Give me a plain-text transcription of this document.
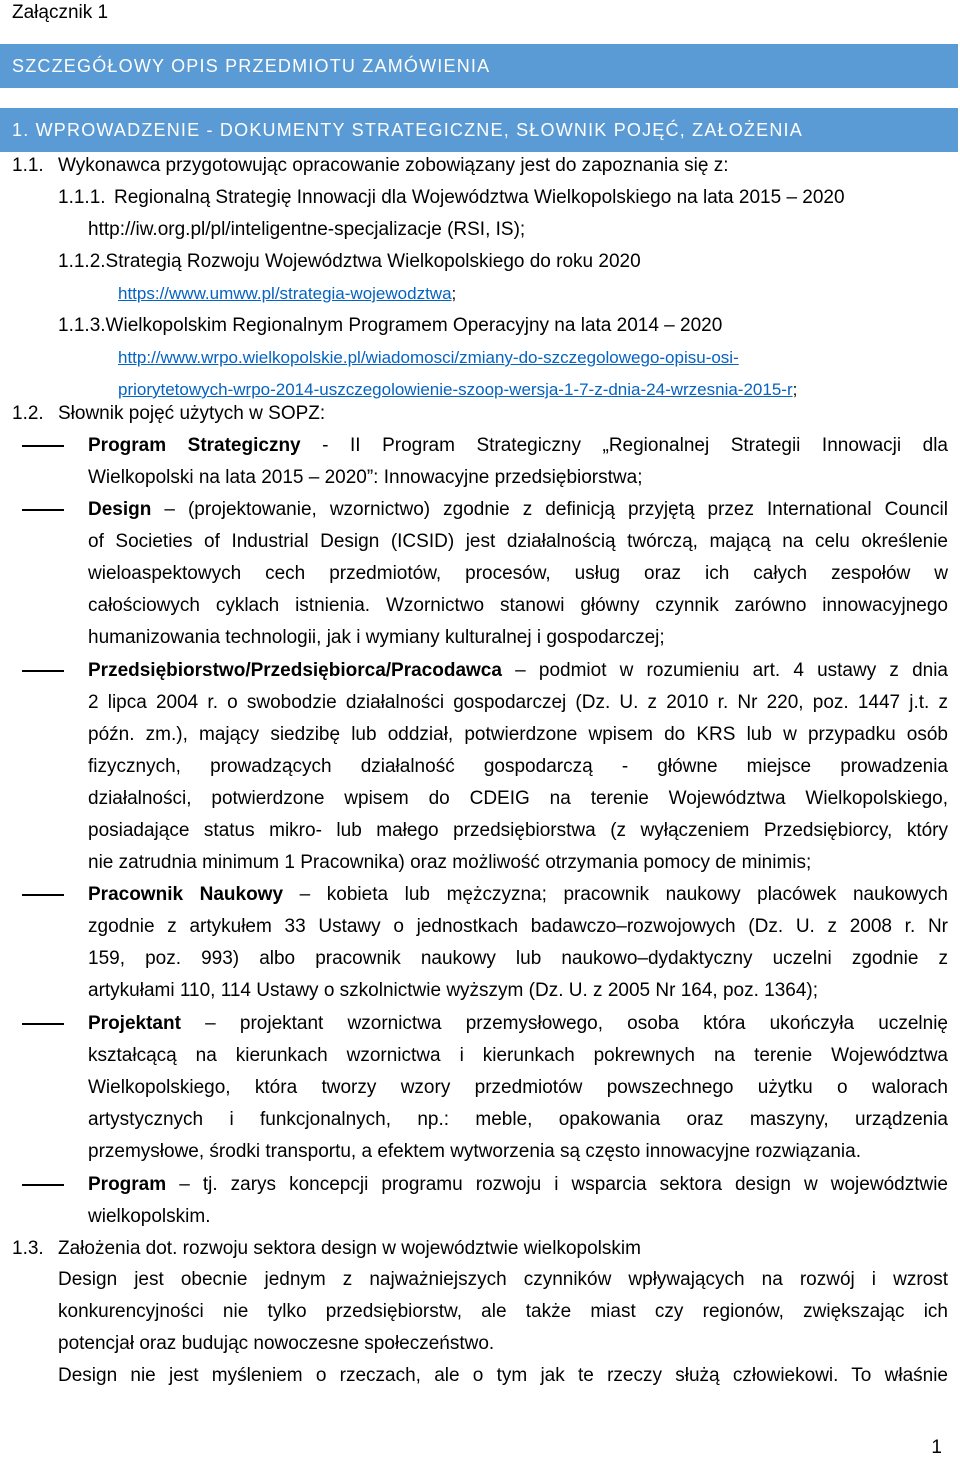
Załącznik 1
SZCZEGÓŁOWY OPIS PRZEDMIOTU ZAMÓWIENIA
1. WPROWADZENIE - DOKUMENTY STRATEGICZNE, SŁOWNIK POJĘĆ, ZAŁOŻENIA
1.1. Wykonawca przygotowując opracowanie zobowiązany jest do zapoznania się z:
1.1.1. Regionalną Strategię Innowacji dla Województwa Wielkopolskiego na lata 2015 – 2020
http://iw.org.pl/pl/inteligentne-specjalizacje (RSI, IS);
1.1.2.Strategią Rozwoju Województwa Wielkopolskiego do roku 2020
https://www.umww.pl/strategia-wojewodztwa;
1.1.3.Wielkopolskim Regionalnym Programem Operacyjny na lata 2014 – 2020
http://www.wrpo.wielkopolskie.pl/wiadomosci/zmiany-do-szczegolowego-opisu-osi-
priorytetowych-wrpo-2014-uszczegolowienie-szoop-wersja-1-7-z-dnia-24-wrzesnia-2015-r;
1.2. Słownik pojęć użytych w SOPZ:
Program Strategiczny - II Program Strategiczny „Regionalnej Strategii Innowacji dla
Wielkopolski na lata 2015 – 2020”: Innowacyjne przedsiębiorstwa;
Design – (projektowanie, wzornictwo) zgodnie z definicją przyjętą przez International Council
of Societies of Industrial Design (ICSID) jest działalnością twórczą, mającą na celu określenie
wieloaspektowych cech przedmiotów, procesów, usług oraz ich całych zespołów w
całościowych cyklach istnienia. Wzornictwo stanowi główny czynnik zarówno innowacyjnego
humanizowania technologii, jak i wymiany kulturalnej i gospodarczej;
Przedsiębiorstwo/Przedsiębiorca/Pracodawca – podmiot w rozumieniu art. 4 ustawy z dnia
2 lipca 2004 r. o swobodzie działalności gospodarczej (Dz. U. z 2010 r. Nr 220, poz. 1447 j.t. z
późn. zm.), mający siedzibę lub oddział, potwierdzone wpisem do KRS lub w przypadku osób
fizycznych, prowadzących działalność gospodarczą - główne miejsce prowadzenia
działalności, potwierdzone wpisem do CDEIG na terenie Województwa Wielkopolskiego,
posiadające status mikro- lub małego przedsiębiorstwa (z wyłączeniem Przedsiębiorcy, który
nie zatrudnia minimum 1 Pracownika) oraz możliwość otrzymania pomocy de minimis;
Pracownik Naukowy – kobieta lub mężczyzna; pracownik naukowy placówek naukowych
zgodnie z artykułem 33 Ustawy o jednostkach badawczo–rozwojowych (Dz. U. z 2008 r. Nr
159, poz. 993) albo pracownik naukowy lub naukowo–dydaktyczny uczelni zgodnie z
artykułami 110, 114 Ustawy o szkolnictwie wyższym (Dz. U. z 2005 Nr 164, poz. 1364);
Projektant – projektant wzornictwa przemysłowego, osoba która ukończyła uczelnię
kształcącą na kierunkach wzornictwa i kierunkach pokrewnych na terenie Województwa
Wielkopolskiego, która tworzy wzory przedmiotów powszechnego użytku o walorach
artystycznych i funkcjonalnych, np.: meble, opakowania oraz maszyny, urządzenia
przemysłowe, środki transportu, a efektem wytworzenia są często innowacyjne rozwiązania.
Program – tj. zarys koncepcji programu rozwoju i wsparcia sektora design w województwie
wielkopolskim.
1.3. Założenia dot. rozwoju sektora design w województwie wielkopolskim
Design jest obecnie jednym z najważniejszych czynników wpływających na rozwój i wzrost
konkurencyjności nie tylko przedsiębiorstw, ale także miast czy regionów, zwiększając ich
potencjał oraz budując nowoczesne społeczeństwo.
Design nie jest myśleniem o rzeczach, ale o tym jak te rzeczy służą człowiekowi. To właśnie
1
